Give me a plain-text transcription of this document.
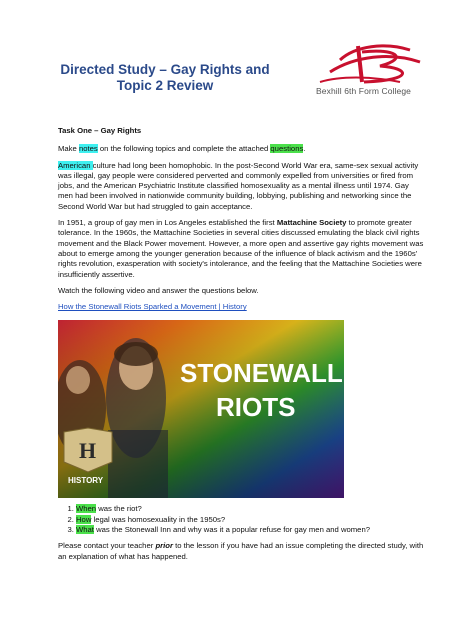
Directed Study – Gay Rights and
Topic 2 Review	Bexhill 6th Form College

Task One – Gay Rights

Make notes on the following topics and complete the attached questions.

American culture had long been homophobic. In the post-Second World War era, same-sex sexual activity was illegal, gay people were considered perverted and commonly expelled from universities or fired from jobs, and the American Psychiatric Institute classified homosexuality as a mental illness until 1974. Gay men had been involved in nationwide community building, lobbying, publishing and networking since the Second World War but had struggled to gain acceptance.

In 1951, a group of gay men in Los Angeles established the first Mattachine Society to promote greater tolerance. In the 1960s, the Mattachine Societies in several cities discussed emulating the black civil rights movement and the Black Power movement. However, a more open and assertive gay rights movement was about to emerge among the younger generation because of the influence of black activism and the 1960s' rights revolution, exasperation with society's intolerance, and the feeling that the Mattachine Societies were insufficiently assertive.

Watch the following video and answer the questions below.

How the Stonewall Riots Sparked a Movement | History

STONEWALL
RIOTS
H
HISTORY
1. When was the riot?
2. How legal was homosexuality in the 1950s?
3. What was the Stonewall Inn and why was it a popular refuse for gay men and women?

Please contact your teacher prior to the lesson if you have had an issue completing the directed study, with an explanation of what has happened.
